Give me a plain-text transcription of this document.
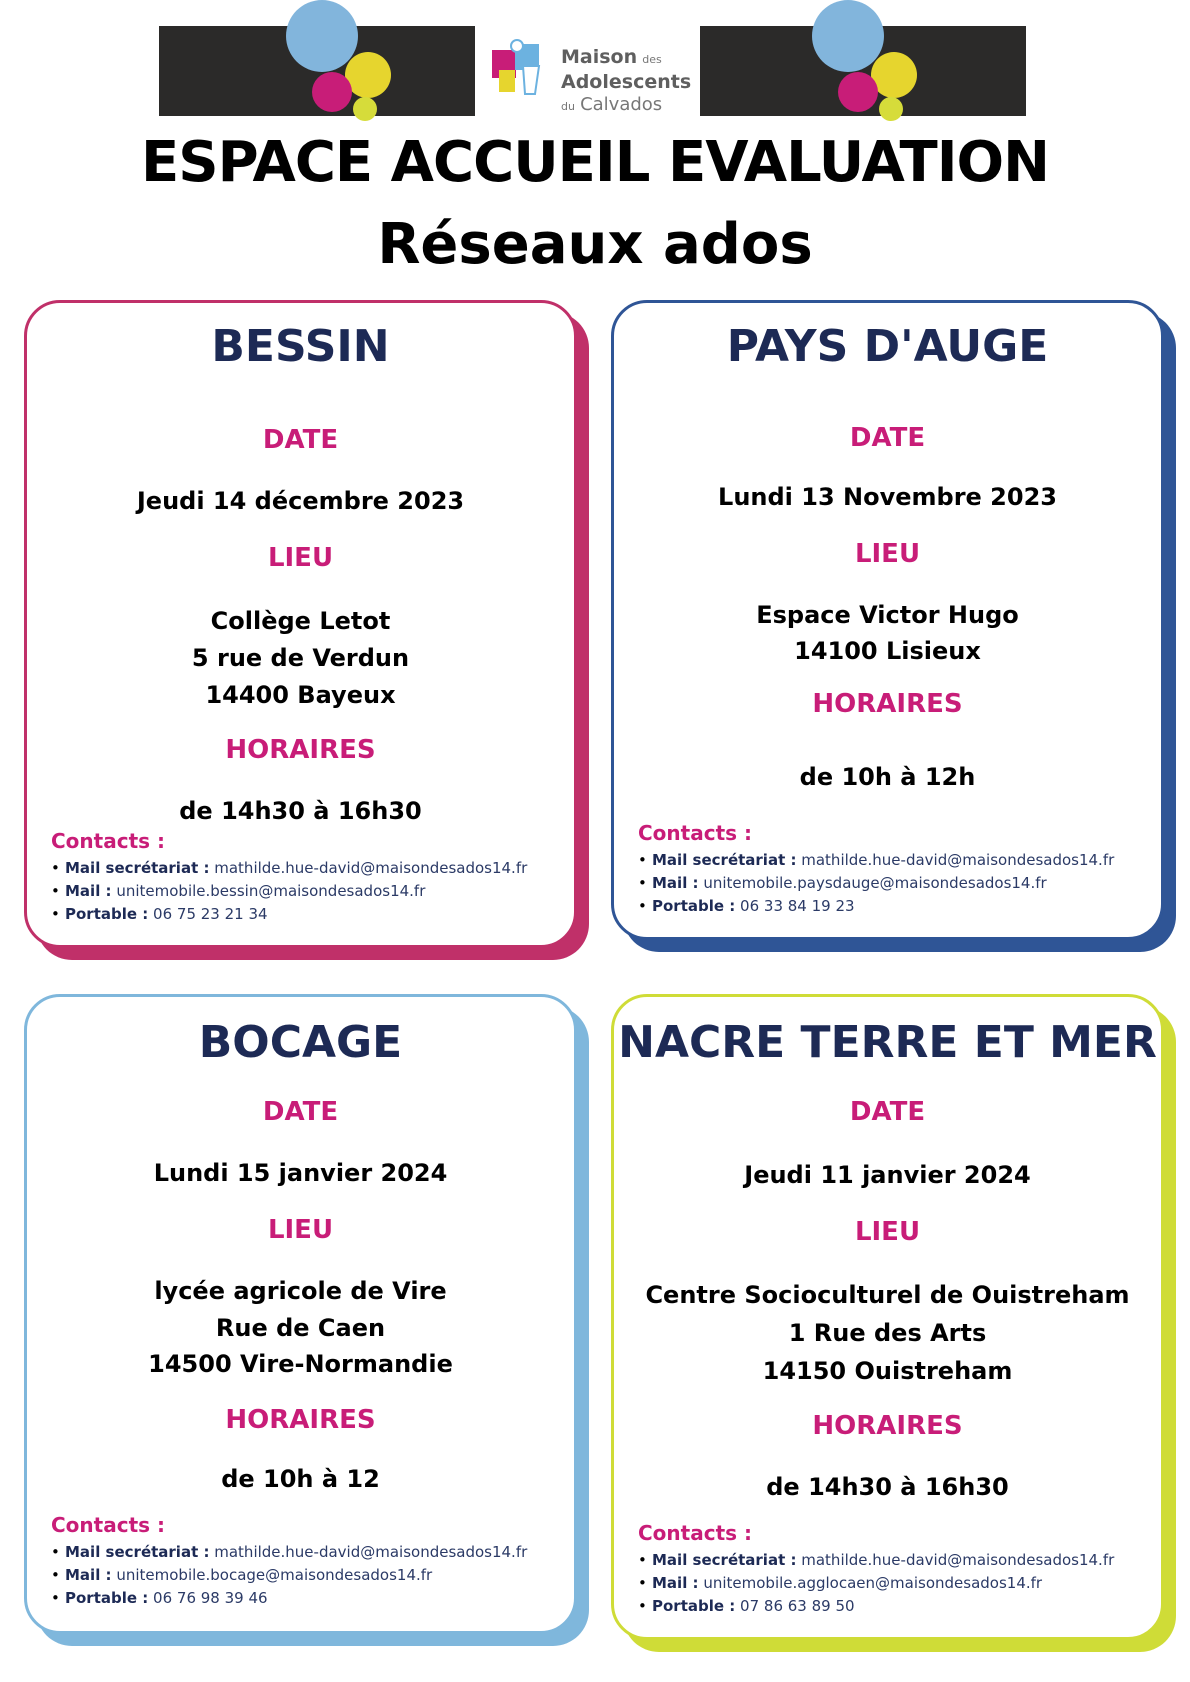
Maison des
Adolescents
du Calvados
ESPACE ACCUEIL EVALUATION
Réseaux ados
BESSIN
DATE
Jeudi 14 décembre 2023
LIEU
Collège Letot
5 rue de Verdun
14400 Bayeux
HORAIRES
de 14h30 à 16h30
Contacts :
• Mail secrétariat : mathilde.hue-david@maisondesados14.fr
• Mail : unitemobile.bessin@maisondesados14.fr
• Portable : 06 75 23 21 34
PAYS D'AUGE
DATE
Lundi 13 Novembre 2023
LIEU
Espace Victor Hugo
14100 Lisieux
HORAIRES
de 10h à 12h
Contacts :
• Mail secrétariat : mathilde.hue-david@maisondesados14.fr
• Mail : unitemobile.paysdauge@maisondesados14.fr
• Portable : 06 33 84 19 23
BOCAGE
DATE
Lundi 15 janvier 2024
LIEU
lycée agricole de Vire
Rue de Caen
14500 Vire-Normandie
HORAIRES
de 10h à 12
Contacts :
• Mail secrétariat : mathilde.hue-david@maisondesados14.fr
• Mail : unitemobile.bocage@maisondesados14.fr
• Portable : 06 76 98 39 46
NACRE TERRE ET MER
DATE
Jeudi 11 janvier 2024
LIEU
Centre Socioculturel de Ouistreham
1 Rue des Arts
14150 Ouistreham
HORAIRES
de 14h30 à 16h30
Contacts :
• Mail secrétariat : mathilde.hue-david@maisondesados14.fr
• Mail : unitemobile.agglocaen@maisondesados14.fr
• Portable : 07 86 63 89 50
